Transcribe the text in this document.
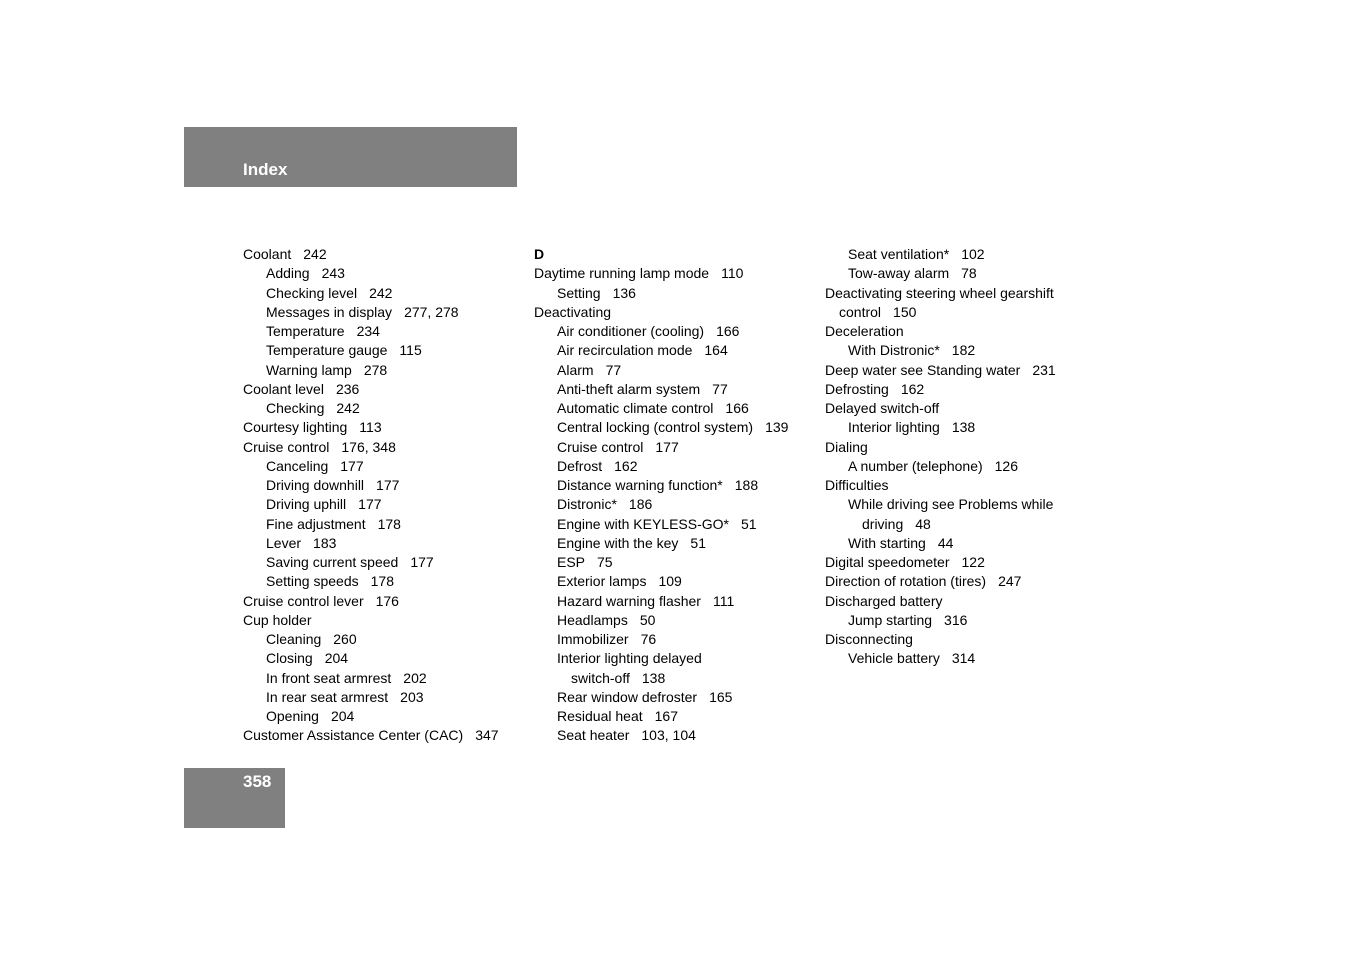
Index
Coolant 242
Adding 243
Checking level 242
Messages in display 277, 278
Temperature 234
Temperature gauge 115
Warning lamp 278
Coolant level 236
Checking 242
Courtesy lighting 113
Cruise control 176, 348
Canceling 177
Driving downhill 177
Driving uphill 177
Fine adjustment 178
Lever 183
Saving current speed 177
Setting speeds 178
Cruise control lever 176
Cup holder
Cleaning 260
Closing 204
In front seat armrest 202
In rear seat armrest 203
Opening 204
Customer Assistance Center (CAC) 347
D
Daytime running lamp mode 110
Setting 136
Deactivating
Air conditioner (cooling) 166
Air recirculation mode 164
Alarm 77
Anti-theft alarm system 77
Automatic climate control 166
Central locking (control system) 139
Cruise control 177
Defrost 162
Distance warning function* 188
Distronic* 186
Engine with KEYLESS-GO* 51
Engine with the key 51
ESP 75
Exterior lamps 109
Hazard warning flasher 111
Headlamps 50
Immobilizer 76
Interior lighting delayed
switch-off 138
Rear window defroster 165
Residual heat 167
Seat heater 103, 104
Seat ventilation* 102
Tow-away alarm 78
Deactivating steering wheel gearshift
control 150
Deceleration
With Distronic* 182
Deep water see Standing water 231
Defrosting 162
Delayed switch-off
Interior lighting 138
Dialing
A number (telephone) 126
Difficulties
While driving see Problems while
driving 48
With starting 44
Digital speedometer 122
Direction of rotation (tires) 247
Discharged battery
Jump starting 316
Disconnecting
Vehicle battery 314
358
